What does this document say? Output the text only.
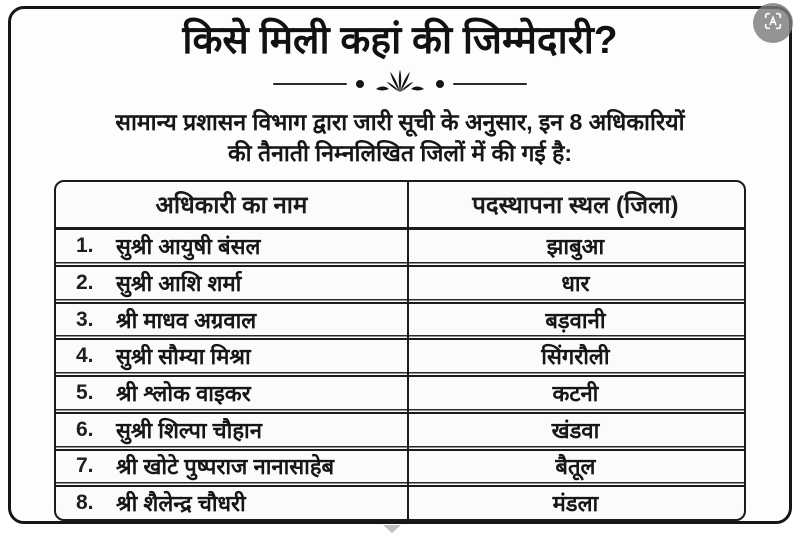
किसे मिली कहां की जिम्मेदारी?
सामान्य प्रशासन विभाग द्वारा जारी सूची के अनुसार, इन 8 अधिकारियों
की तैनाती निम्नलिखित जिलों में की गई है:
अधिकारी का नाम	पदस्थापना स्थल (जिला)
1.	सुश्री आयुषी बंसल	झाबुआ
2.	सुश्री आशि शर्मा	धार
3.	श्री माधव अग्रवाल	बड़वानी
4.	सुश्री सौम्या मिश्रा	सिंगरौली
5.	श्री श्लोक वाइकर	कटनी
6.	सुश्री शिल्पा चौहान	खंडवा
7.	श्री खोटे पुष्पराज नानासाहेब	बैतूल
8.	श्री शैलेन्द्र चौधरी	मंडला
